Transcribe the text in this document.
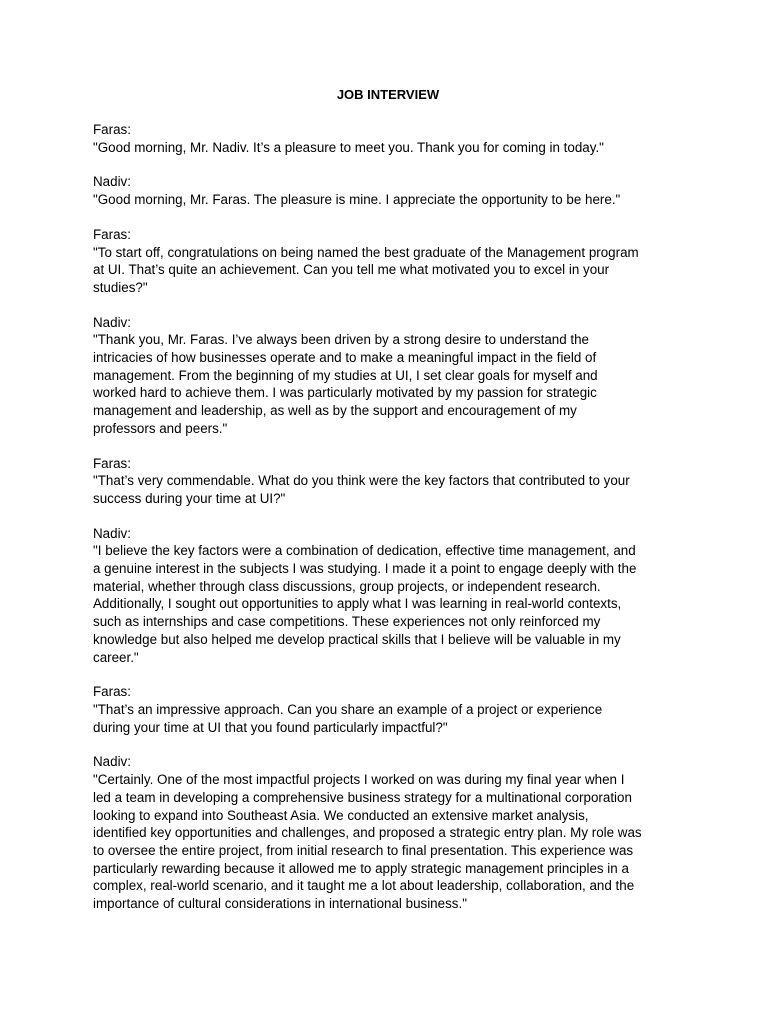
JOB INTERVIEW

Faras:

"Good morning, Mr. Nadiv. It’s a pleasure to meet you. Thank you for coming in today."

Nadiv:

"Good morning, Mr. Faras. The pleasure is mine. I appreciate the opportunity to be here."

Faras:

"To start off, congratulations on being named the best graduate of the Management program

at UI. That’s quite an achievement. Can you tell me what motivated you to excel in your

studies?"

Nadiv:

"Thank you, Mr. Faras. I’ve always been driven by a strong desire to understand the

intricacies of how businesses operate and to make a meaningful impact in the field of

management. From the beginning of my studies at UI, I set clear goals for myself and

worked hard to achieve them. I was particularly motivated by my passion for strategic

management and leadership, as well as by the support and encouragement of my

professors and peers."

Faras:

"That’s very commendable. What do you think were the key factors that contributed to your

success during your time at UI?"

Nadiv:

"I believe the key factors were a combination of dedication, effective time management, and

a genuine interest in the subjects I was studying. I made it a point to engage deeply with the

material, whether through class discussions, group projects, or independent research.

Additionally, I sought out opportunities to apply what I was learning in real-world contexts,

such as internships and case competitions. These experiences not only reinforced my

knowledge but also helped me develop practical skills that I believe will be valuable in my

career."

Faras:

"That’s an impressive approach. Can you share an example of a project or experience

during your time at UI that you found particularly impactful?"

Nadiv:

"Certainly. One of the most impactful projects I worked on was during my final year when I

led a team in developing a comprehensive business strategy for a multinational corporation

looking to expand into Southeast Asia. We conducted an extensive market analysis,

identified key opportunities and challenges, and proposed a strategic entry plan. My role was

to oversee the entire project, from initial research to final presentation. This experience was

particularly rewarding because it allowed me to apply strategic management principles in a

complex, real-world scenario, and it taught me a lot about leadership, collaboration, and the

importance of cultural considerations in international business."
